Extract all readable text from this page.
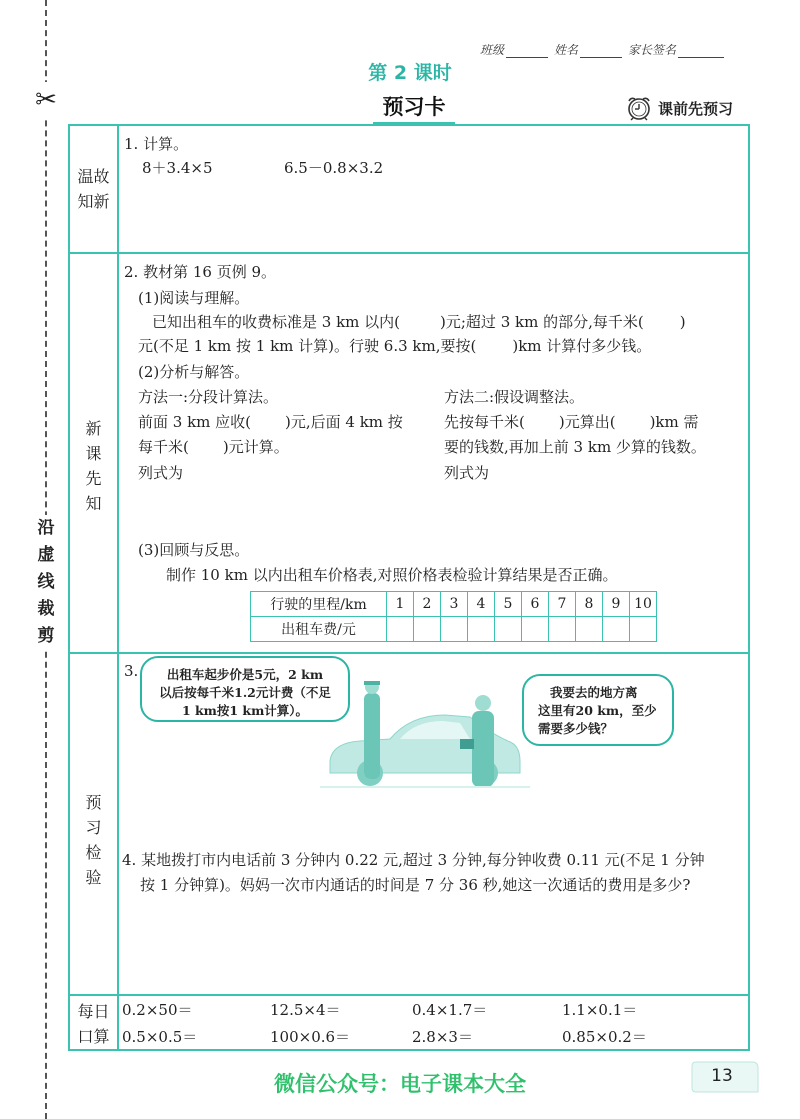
✂
沿
虚
线
裁
剪
班级	姓名	家长签名
第 2 课时
预习卡	课前先预习
温故
知新
新
课
先
知
预
习
检
验
每日
口算
1. 计算。
8＋3.4×5	6.5－0.8×3.2
2. 教材第 16 页例 9。
(1)阅读与理解。
已知出租车的收费标准是 3 km 以内(	)元;超过 3 km 的部分,每千米( )
元(不足 1 km 按 1 km 计算)。行驶 6.3 km,要按( )km 计算付多少钱。
(2)分析与解答。
方法一:分段计算法。
前面 3 km 应收( )元,后面 4 km 按
每千米( )元计算。
列式为
方法二:假设调整法。
先按每千米( )元算出( )km 需
要的钱数,再加上前 3 km 少算的钱数。
列式为
(3)回顾与反思。
制作 10 km 以内出租车价格表,对照价格表检验计算结果是否正确。
行驶的里程/km	1	2	3	4	5	6	7	8	9	10
出租车费/元										
3.	出租车起步价是5元，2 km
以后按每千米1.2元计费（不足
1 km按1 km计算）。
我要去的地方离
这里有20 km，至少
需要多少钱？
4. 某地拨打市内电话前 3 分钟内 0.22 元,超过 3 分钟,每分钟收费 0.11 元(不足 1 分钟
按 1 分钟算)。妈妈一次市内通话的时间是 7 分 36 秒,她这一次通话的费用是多少?
0.2×50＝	12.5×4＝	0.4×1.7＝	1.1×0.1＝
0.5×0.5＝	100×0.6＝	2.8×3＝	0.85×0.2＝
微信公众号：电子课本大全	13
